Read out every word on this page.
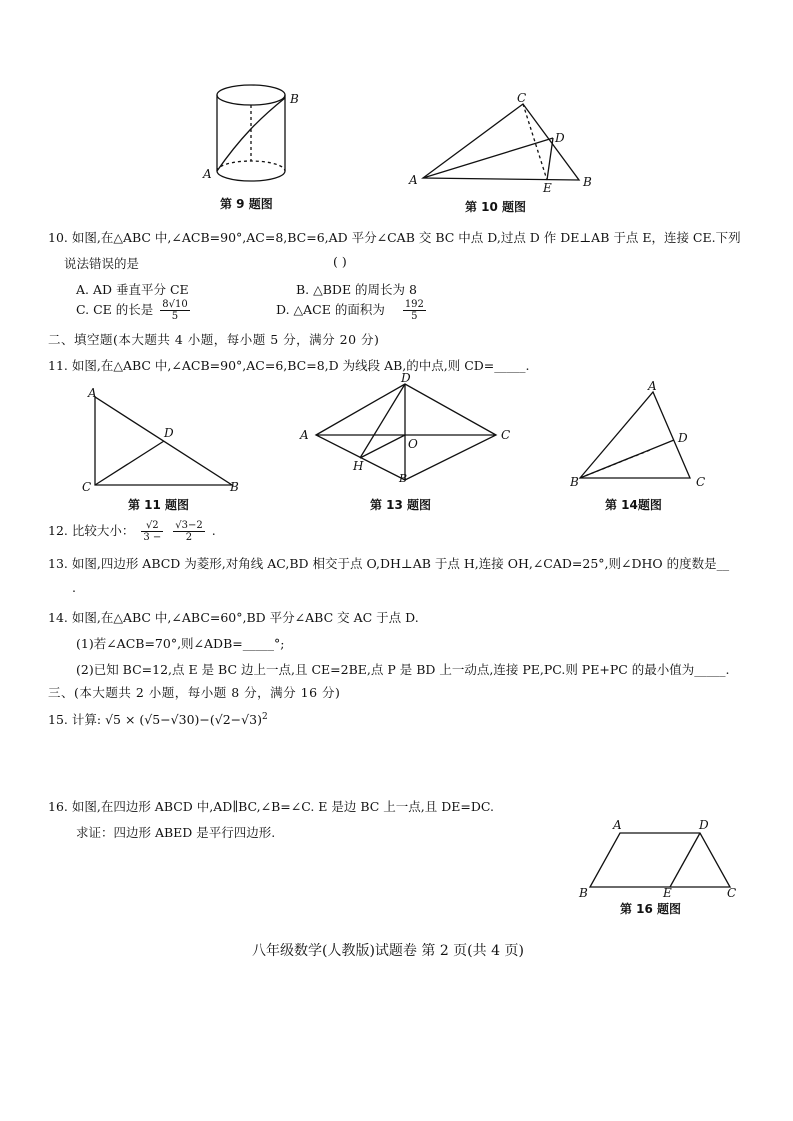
A
B
第 9 题图
A	B
C
D
E
第 10 题图
10. 如图,在△ABC 中,∠ACB=90°,AC=8,BC=6,AD 平分∠CAB 交 BC 中点 D,过点 D 作 DE⊥AB 于点 E，连接 CE.下列
说法错误的是	( )
A. AD 垂直平分 CE	B. △BDE 的周长为 8
C. CE 的长是 $\frac{8√10}{5}$	D. △ACE 的面积为 $\frac{192}{5}$
二、填空题(本大题共 4 小题，每小题 5 分，满分 20 分)
11. 如图,在△ABC 中,∠ACB=90°,AC=6,BC=8,D 为线段 AB,的中点,则 CD=_____.
A
B
C
D
第 11 题图
A
B
C
D
O
H
第 13 题图
A
B	C
D
第 14题图
12. 比较大小： $\frac{√2}{3 -}$
$\frac{√3-2}{2}$ .
13. 如图,四边形 ABCD 为菱形,对角线 AC,BD 相交于点 O,DH⊥AB 于点 H,连接 OH,∠CAD=25°,则∠DHO 的度数是__
.
14. 如图,在△ABC 中,∠ABC=60°,BD 平分∠ABC 交 AC 于点 D.
(1)若∠ACB=70°,则∠ADB=_____°;
(2)已知 BC=12,点 E 是 BC 边上一点,且 CE=2BE,点 P 是 BD 上一动点,连接 PE,PC.则 PE+PC 的最小值为_____.
三、(本大题共 2 小题，每小题 8 分，满分 16 分)
15. 计算: $√5 \times (√5-√30)-(√2-√3)^2$
16. 如图,在四边形 ABCD 中,AD∥BC,∠B=∠C. E 是边 BC 上一点,且 DE=DC.
求证：四边形 ABED 是平行四边形.	A
B	C
D
E
第 16 题图
八年级数学(人教版)试题卷 第 2 页(共 4 页)
